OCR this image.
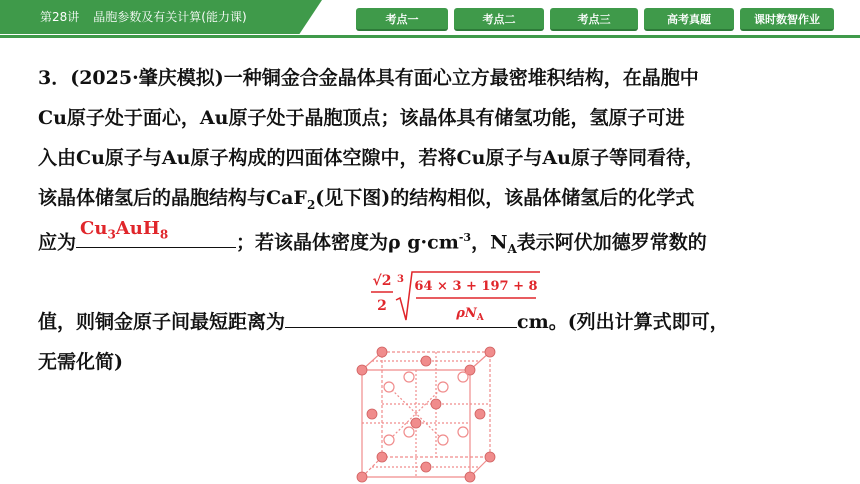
第28讲 晶胞参数及有关计算(能力课)	考点一	考点二	考点三	高考真题	课时数智作业
3．(2025·肇庆模拟)一种铜金合金晶体具有面心立方最密堆积结构，在晶胞中
Cu原子处于面心，Au原子处于晶胞顶点；该晶体具有储氢功能，氢原子可进
入由Cu原子与Au原子构成的四面体空隙中，若将Cu原子与Au原子等同看待，
该晶体储氢后的晶胞结构与CaF$_2$(见下图)的结构相似，该晶体储氢后的化学式
应为
$Cu_3AuH_8$	；若该晶体密度为ρ $g\cdot cm^{-3}$，$N_A$表示阿伏加德罗常数的
值，则铜金原子间最短距离为	cm。(列出计算式即可，
无需化简)
√2
2
3 64 × 3 + 197 + 8
$\rho N_A$
